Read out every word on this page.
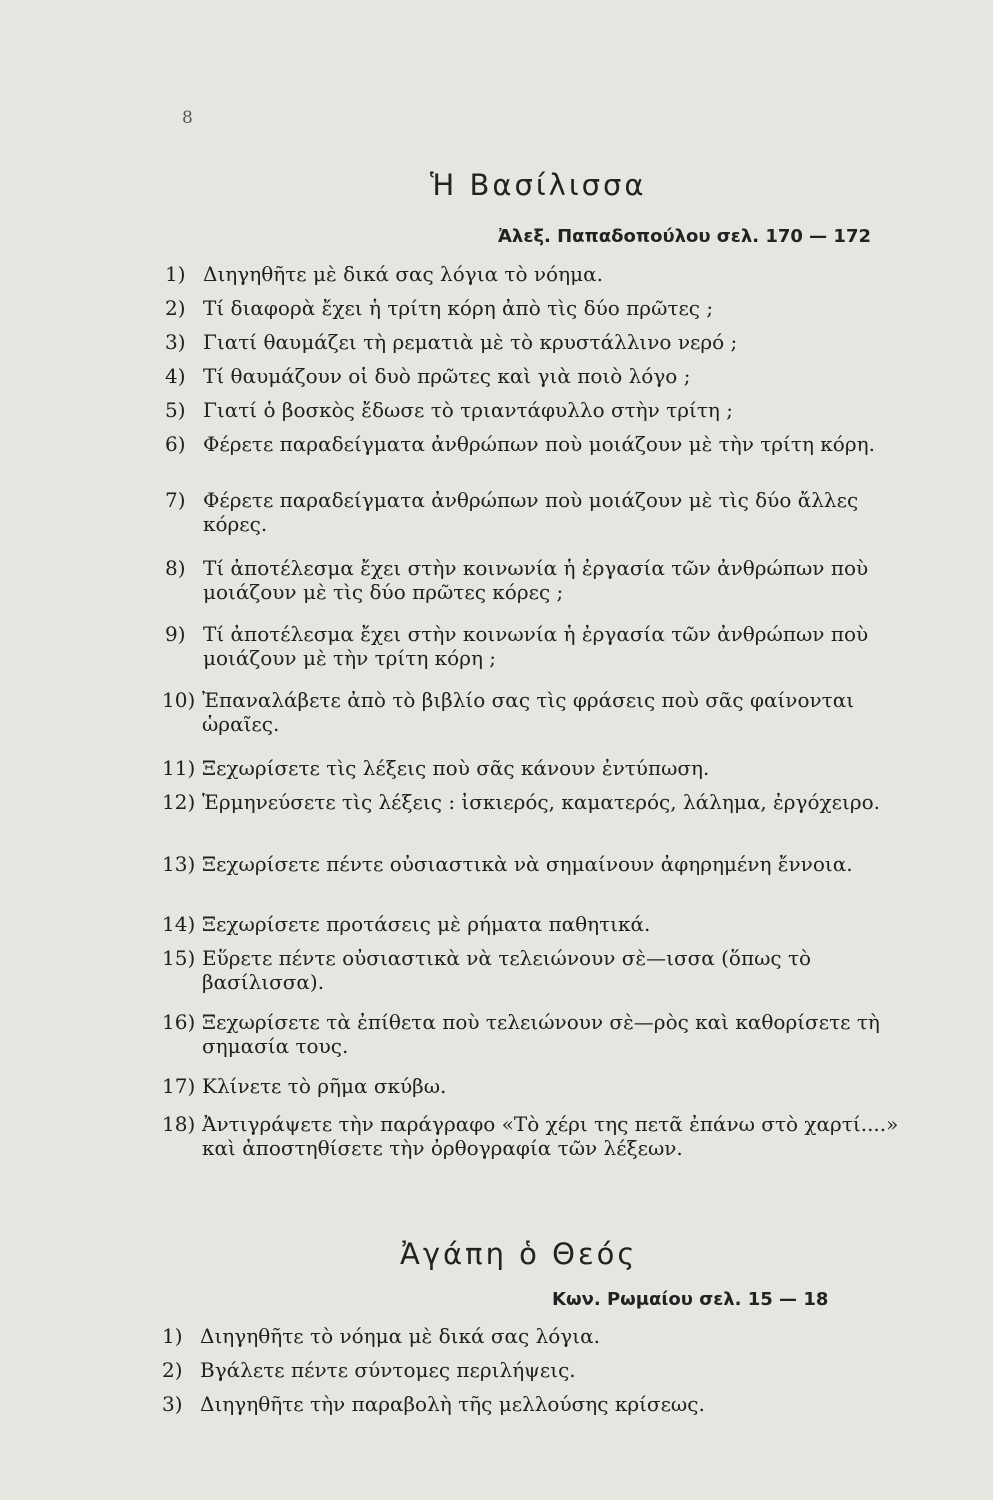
8
Ἡ Βασίλισσα
Ἀλεξ. Παπαδοπούλου σελ. 170 — 172
1) Διηγηθῆτε μὲ δικά σας λόγια τὸ νόημα.
2) Τί διαφορὰ ἔχει ἡ τρίτη κόρη ἀπὸ τὶς δύο πρῶτες ;
3) Γιατί θαυμάζει τὴ ρεματιὰ μὲ τὸ κρυστάλλινο νερό ;
4) Τί θαυμάζουν οἱ δυὸ πρῶτες καὶ γιὰ ποιὸ λόγο ;
5) Γιατί ὁ βοσκὸς ἔδωσε τὸ τριαντάφυλλο στὴν τρίτη ;
6) Φέρετε παραδείγματα ἀνθρώπων ποὺ μοιάζουν μὲ τὴν τρίτη κόρη.
7) Φέρετε παραδείγματα ἀνθρώπων ποὺ μοιάζουν μὲ τὶς δύο ἄλλες κόρες.
8) Τί ἀποτέλεσμα ἔχει στὴν κοινωνία ἡ ἐργασία τῶν ἀνθρώπων ποὺ μοιάζουν μὲ τὶς δύο πρῶτες κόρες ;
9) Τί ἀποτέλεσμα ἔχει στὴν κοινωνία ἡ ἐργασία τῶν ἀνθρώπων ποὺ μοιάζουν μὲ τὴν τρίτη κόρη ;
10) Ἐπαναλάβετε ἀπὸ τὸ βιβλίο σας τὶς φράσεις ποὺ σᾶς φαίνονται ὡραῖες.
11) Ξεχωρίσετε τὶς λέξεις ποὺ σᾶς κάνουν ἐντύπωση.
12) Ἑρμηνεύσετε τὶς λέξεις : ἰσκιερός, καματερός, λάλημα, ἐργόχειρο.
13) Ξεχωρίσετε πέντε οὐσιαστικὰ νὰ σημαίνουν ἀφηρημένη ἔννοια.
14) Ξεχωρίσετε προτάσεις μὲ ρήματα παθητικά.
15) Εὕρετε πέντε οὐσιαστικὰ νὰ τελειώνουν σὲ—ισσα (ὅπως τὸ βασίλισσα).
16) Ξεχωρίσετε τὰ ἐπίθετα ποὺ τελειώνουν σὲ—ρὸς καὶ καθορίσετε τὴ σημασία τους.
17) Κλίνετε τὸ ρῆμα σκύβω.
18) Ἀντιγράψετε τὴν παράγραφο «Τὸ χέρι της πετᾶ ἐπάνω στὸ χαρτί....» καὶ ἀποστηθίσετε τὴν ὀρθογραφία τῶν λέξεων.
Ἀγάπη ὁ Θεός
Κων. Ρωμαίου σελ. 15 — 18
1) Διηγηθῆτε τὸ νόημα μὲ δικά σας λόγια.
2) Βγάλετε πέντε σύντομες περιλήψεις.
3) Διηγηθῆτε τὴν παραβολὴ τῆς μελλούσης κρίσεως.
